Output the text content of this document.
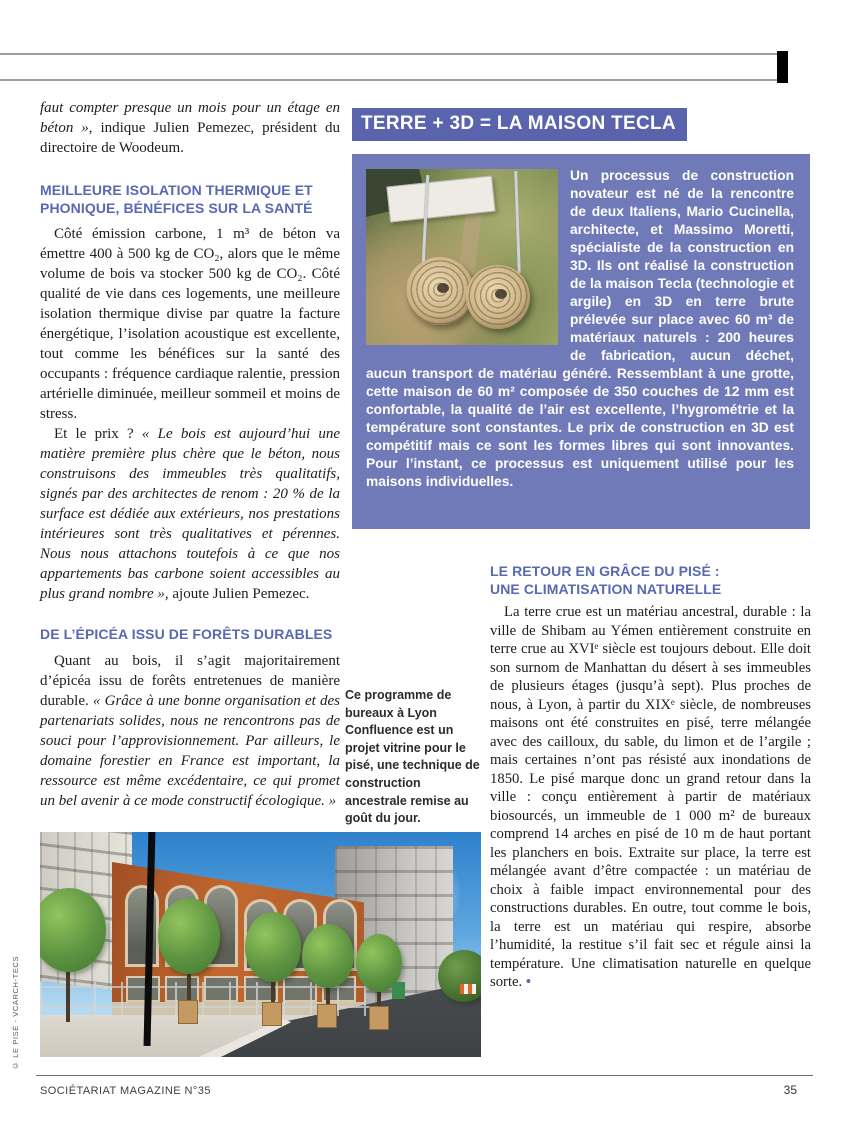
faut compter presque un mois pour un étage en béton », indique Julien Pemezec, président du directoire de Woodeum.

MEILLEURE ISOLATION THERMIQUE ET PHONIQUE, BÉNÉFICES SUR LA SANTÉ

Côté émission carbone, 1 m³ de béton va émettre 400 à 500 kg de CO₂, alors que le même volume de bois va stocker 500 kg de CO₂. Côté qualité de vie dans ces logements, une meilleure isolation thermique divise par quatre la facture énergétique, l’isolation acoustique est excellente, tout comme les bénéfices sur la santé des occupants : fréquence cardiaque ralentie, pression artérielle diminuée, meilleur sommeil et moins de stress.

Et le prix ? « Le bois est aujourd’hui une matière première plus chère que le béton, nous construisons des immeubles très qualitatifs, signés par des architectes de renom : 20 % de la surface est dédiée aux extérieurs, nos prestations intérieures sont très qualitatives et pérennes. Nous nous attachons toutefois à ce que nos appartements bas carbone soient accessibles au plus grand nombre », ajoute Julien Pemezec.

DE L’ÉPICÉA ISSU DE FORÊTS DURABLES

Quant au bois, il s’agit majoritairement d’épicéa issu de forêts entretenues de manière durable. « Grâce à une bonne organisation et des partenariats solides, nous ne rencontrons pas de souci pour l’approvisionnement. Par ailleurs, le domaine forestier en France est important, la ressource est même excédentaire, ce qui promet un bel avenir à ce mode constructif écologique. »

TERRE + 3D = LA MAISON TECLA
Un processus de construction novateur est né de la rencontre de deux Italiens, Mario Cucinella, architecte, et Massimo Moretti, spécialiste de la construction en 3D. Ils ont réalisé la construction de la maison Tecla (technologie et argile) en 3D en terre brute prélevée sur place avec 60 m³ de matériaux naturels : 200 heures de fabrication, aucun déchet, aucun transport de matériau généré. Ressemblant à une grotte, cette maison de 60 m² composée de 350 couches de 12 mm est confortable, la qualité de l’air est excellente, l’hygrométrie et la température sont constantes. Le prix de construction en 3D est compétitif mais ce sont les formes libres qui sont innovantes. Pour l’instant, ce processus est uniquement utilisé pour les maisons individuelles.
Ce programme de bureaux à Lyon Confluence est un projet vitrine pour le pisé, une technique de construction ancestrale remise au goût du jour.
LE RETOUR EN GRÂCE DU PISÉ :
UNE CLIMATISATION NATURELLE

La terre crue est un matériau ancestral, durable : la ville de Shibam au Yémen entièrement construite en terre crue au XVIᵉ siècle est toujours debout. Elle doit son surnom de Manhattan du désert à ses immeubles de plusieurs étages (jusqu’à sept). Plus proches de nous, à Lyon, à partir du XIXᵉ siècle, de nombreuses maisons ont été construites en pisé, terre mélangée avec des cailloux, du sable, du limon et de l’argile ; mais certaines n’ont pas résisté aux inondations de 1850. Le pisé marque donc un grand retour dans la ville : conçu entièrement à partir de matériaux biosourcés, un immeuble de 1 000 m² de bureaux comprend 14 arches en pisé de 10 m de haut portant les planchers en bois. Extraite sur place, la terre est mélangée avant d’être compactée : un matériau de choix à faible impact environnemental pour des constructions durables. En outre, tout comme le bois, la terre est un matériau qui respire, absorbe l’humidité, la restitue s’il fait sec et régule ainsi la température. Une climatisation naturelle en quelque sorte. •

© LE PISÉ - VCARCH-TECS
SOCIÉTARIAT MAGAZINE N°35	35
